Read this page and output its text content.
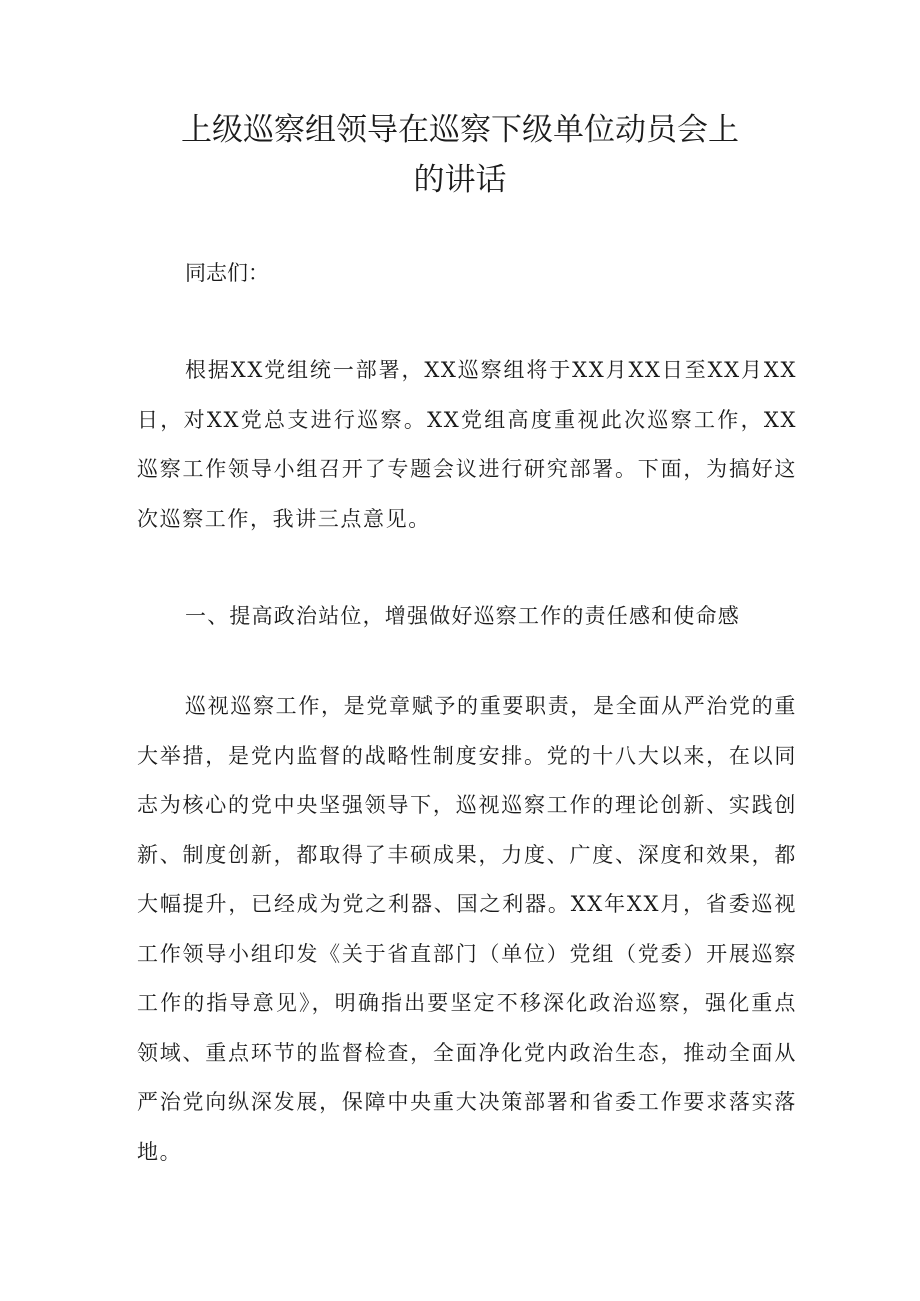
上级巡察组领导在巡察下级单位动员会上
的讲话

同志们：

根据XX党组统一部署，XX巡察组将于XX月XX日至XX月XX日，对XX党总支进行巡察。XX党组高度重视此次巡察工作，XX巡察工作领导小组召开了专题会议进行研究部署。下面，为搞好这次巡察工作，我讲三点意见。

一、提高政治站位，增强做好巡察工作的责任感和使命感

巡视巡察工作，是党章赋予的重要职责，是全面从严治党的重大举措，是党内监督的战略性制度安排。党的十八大以来，在以同志为核心的党中央坚强领导下，巡视巡察工作的理论创新、实践创新、制度创新，都取得了丰硕成果，力度、广度、深度和效果，都大幅提升，已经成为党之利器、国之利器。XX年XX月，省委巡视工作领导小组印发《关于省直部门（单位）党组（党委）开展巡察工作的指导意见》，明确指出要坚定不移深化政治巡察，强化重点领域、重点环节的监督检查，全面净化党内政治生态，推动全面从严治党向纵深发展，保障中央重大决策部署和省委工作要求落实落地。
